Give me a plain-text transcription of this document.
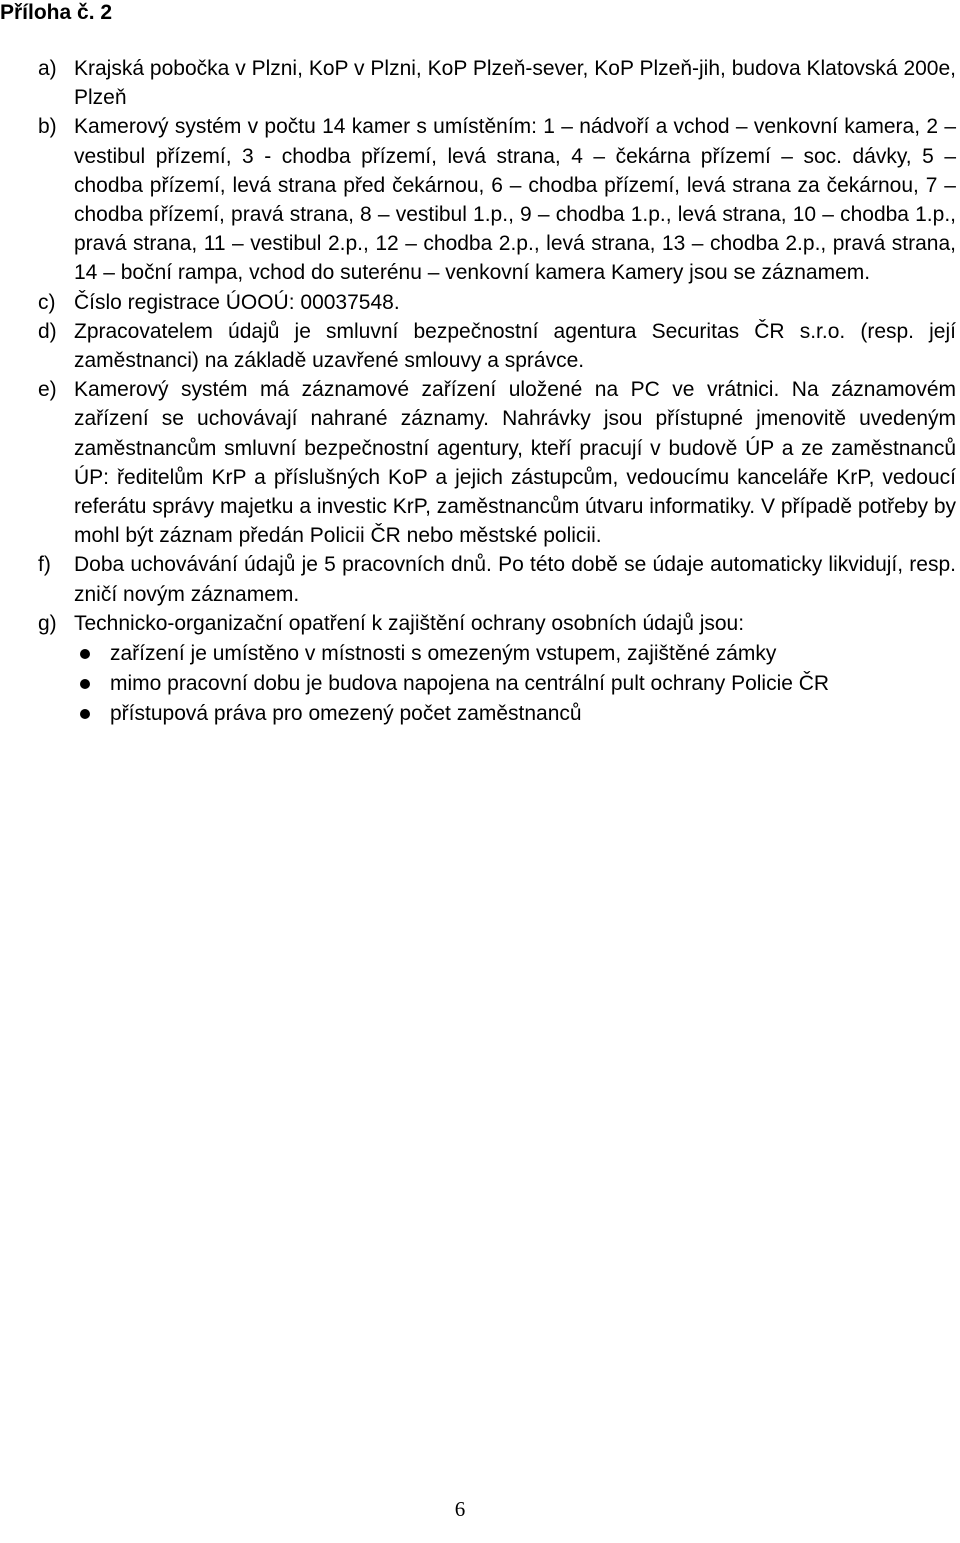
Příloha č. 2
a) Krajská pobočka v Plzni, KoP v Plzni, KoP Plzeň-sever, KoP Plzeň-jih, budova Klatovská 200e, Plzeň
b) Kamerový systém v počtu 14 kamer s umístěním: 1 – nádvoří a vchod – venkovní kamera, 2 – vestibul přízemí, 3 - chodba přízemí, levá strana, 4 – čekárna přízemí – soc. dávky, 5 – chodba přízemí, levá strana před čekárnou, 6 – chodba přízemí, levá strana za čekárnou, 7 – chodba přízemí, pravá strana, 8 – vestibul 1.p., 9 – chodba 1.p., levá strana, 10 – chodba 1.p., pravá strana, 11 – vestibul 2.p., 12 – chodba 2.p., levá strana, 13 – chodba 2.p., pravá strana, 14 – boční rampa, vchod do suterénu – venkovní kamera Kamery jsou se záznamem.
c) Číslo registrace ÚOOÚ: 00037548.
d) Zpracovatelem údajů je smluvní bezpečnostní agentura Securitas ČR s.r.o. (resp. její zaměstnanci) na základě uzavřené smlouvy a správce.
e) Kamerový systém má záznamové zařízení uložené na PC ve vrátnici. Na záznamovém zařízení se uchovávají nahrané záznamy. Nahrávky jsou přístupné jmenovitě uvedeným zaměstnancům smluvní bezpečnostní agentury, kteří pracují v budově ÚP a ze zaměstnanců ÚP: ředitelům KrP a příslušných KoP a jejich zástupcům, vedoucímu kanceláře KrP, vedoucí referátu správy majetku a investic KrP, zaměstnancům útvaru informatiky. V případě potřeby by mohl být záznam předán Policii ČR nebo městské policii.
f)	Doba uchovávání údajů je 5 pracovních dnů. Po této době se údaje automaticky likvidují, resp. zničí novým záznamem.
g) Technicko-organizační opatření k zajištění ochrany osobních údajů jsou:
zařízení je umístěno v místnosti s omezeným vstupem, zajištěné zámky
mimo pracovní dobu je budova napojena na centrální pult ochrany Policie ČR
přístupová práva pro omezený počet zaměstnanců
6
